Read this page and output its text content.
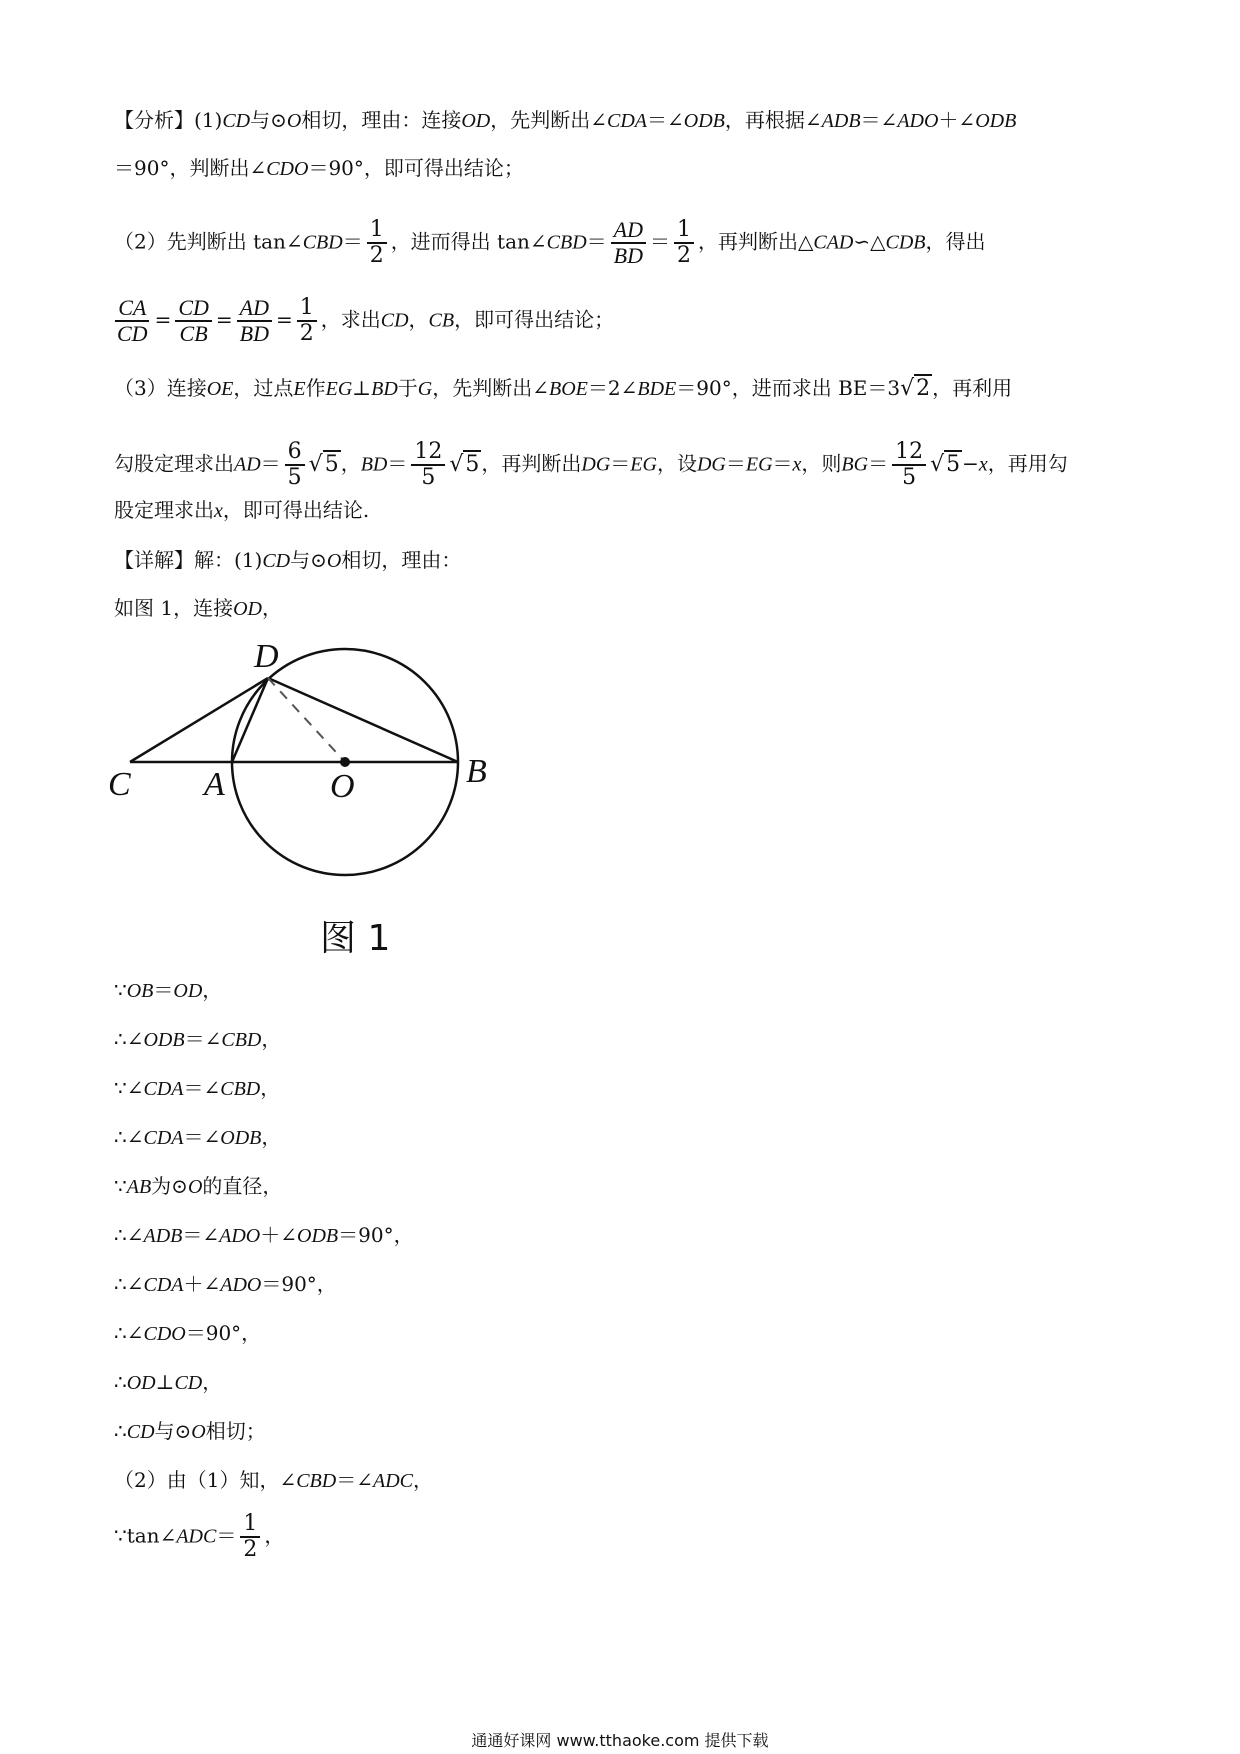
【分析】(1)CD与⊙O相切，理由：连接OD，先判断出∠CDA＝∠ODB，再根据∠ADB＝∠ADO＋∠ODB
＝90°，判断出∠CDO＝90°，即可得出结论；
（2）先判断出 tan∠CBD＝ $\frac{1}{2}$ ，进而得出 tan∠CBD＝ $\frac{AD}{BD} = \frac{1}{2}$ ，再判断出△CAD∽△CDB，得出
$\frac{CA}{CD} = \frac{CD}{CB} = \frac{AD}{BD} = \frac{1}{2}$ ，求出CD，CB，即可得出结论；
（3）连接OE，过点E作EG⊥BD于G，先判断出∠BOE＝2∠BDE＝90°，进而求出 BE＝3√2 ，再利用
勾股定理求出$AD= \frac{6}{5} √5$ ，$BD= \frac{12}{5} √5$ ，再判断出DG＝EG，设DG＝EG＝x，则$BG= \frac{12}{5} √5 -x$，再用勾
股定理求出x，即可得出结论.
【详解】解：(1)CD与⊙O相切，理由：
如图 1，连接OD，
D
C A	O	B
图 1
∵OB＝OD，
∴∠ODB＝∠CBD，
∵∠CDA＝∠CBD，
∴∠CDA＝∠ODB，
∵AB为⊙O的直径，
∴∠ADB＝∠ADO＋∠ODB＝90°，
∴∠CDA＋∠ADO＝90°，
∴∠CDO＝90°，
∴OD⊥CD，
∴CD与⊙O相切；
（2）由（1）知，∠CBD＝∠ADC，
∵tan∠ADC＝ $\frac{1}{2}$ ，
通通好课网 www.tthaoke.com 提供下载
